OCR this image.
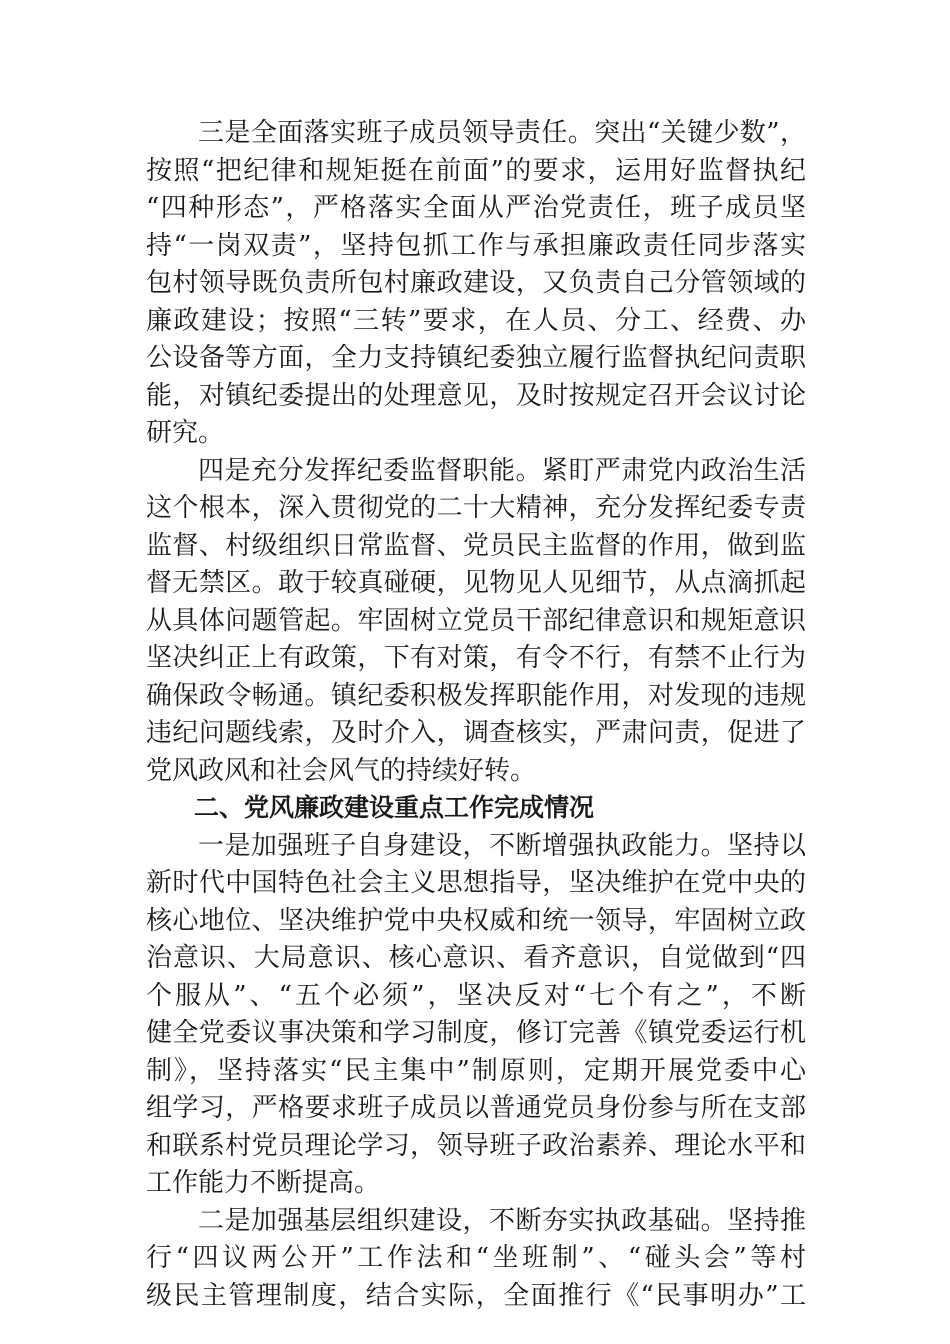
三是全面落实班子成员领导责任。突出“关键少数”，
按照“把纪律和规矩挺在前面”的要求，运用好监督执纪
“四种形态”，严格落实全面从严治党责任，班子成员坚
持“一岗双责”，坚持包抓工作与承担廉政责任同步落实
包村领导既负责所包村廉政建设，又负责自己分管领域的
廉政建设；按照“三转”要求，在人员、分工、经费、办
公设备等方面，全力支持镇纪委独立履行监督执纪问责职
能，对镇纪委提出的处理意见，及时按规定召开会议讨论
研究。
四是充分发挥纪委监督职能。紧盯严肃党内政治生活
这个根本，深入贯彻党的二十大精神，充分发挥纪委专责
监督、村级组织日常监督、党员民主监督的作用，做到监
督无禁区。敢于较真碰硬，见物见人见细节，从点滴抓起
从具体问题管起。牢固树立党员干部纪律意识和规矩意识
坚决纠正上有政策，下有对策，有令不行，有禁不止行为
确保政令畅通。镇纪委积极发挥职能作用，对发现的违规
违纪问题线索，及时介入，调查核实，严肃问责，促进了
党风政风和社会风气的持续好转。
二、党风廉政建设重点工作完成情况
一是加强班子自身建设，不断增强执政能力。坚持以
新时代中国特色社会主义思想指导，坚决维护在党中央的
核心地位、坚决维护党中央权威和统一领导，牢固树立政
治意识、大局意识、核心意识、看齐意识，自觉做到“四
个服从”、“五个必须”，坚决反对“七个有之”，不断
健全党委议事决策和学习制度，修订完善《镇党委运行机
制》，坚持落实“民主集中”制原则，定期开展党委中心
组学习，严格要求班子成员以普通党员身份参与所在支部
和联系村党员理论学习，领导班子政治素养、理论水平和
工作能力不断提高。
二是加强基层组织建设，不断夯实执政基础。坚持推
行“四议两公开”工作法和“坐班制”、“碰头会”等村
级民主管理制度，结合实际，全面推行《“民事明办”工
